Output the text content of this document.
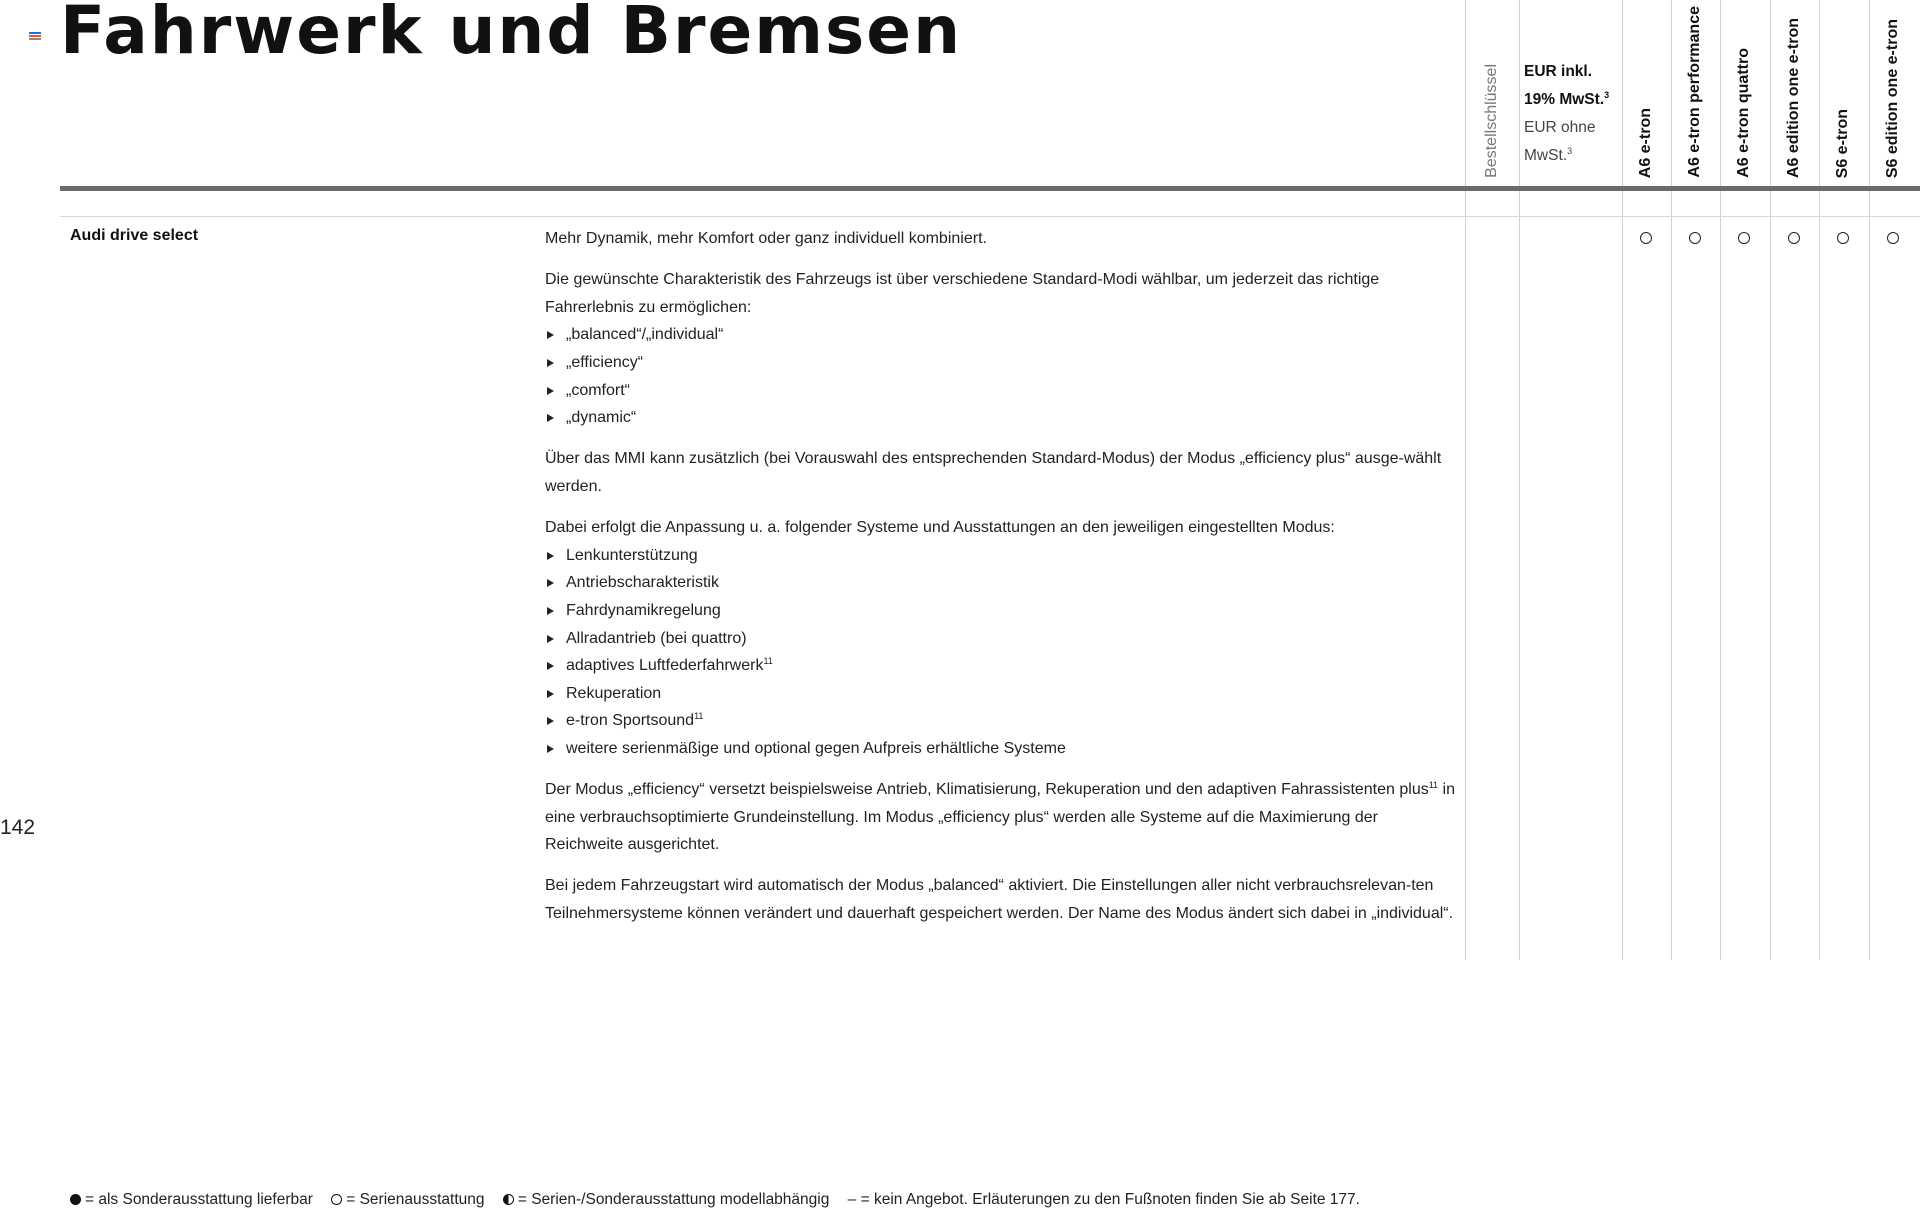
Fahrwerk und Bremsen
Bestellschlüssel EUR inkl.
19% MwSt.$^3$
EUR ohne
MwSt.$^3$	A6 e-tron A6 e-tron performance A6 e-tron quattro A6 edition one e-tron S6 e-tron S6 edition one e-tron
Audi drive select	Mehr Dynamik, mehr Komfort oder ganz individuell kombiniert.

Die gewünschte Charakteristik des Fahrzeugs ist über verschiedene Standard-Modi wählbar, um jederzeit das richtige Fahrerlebnis zu ermöglichen:

„balanced“/„individual“
„efficiency“
„comfort“
„dynamic“

Über das MMI kann zusätzlich (bei Vorauswahl des entsprechenden Standard-Modus) der Modus „efficiency plus“ ausge-wählt werden.

Dabei erfolgt die Anpassung u. a. folgender Systeme und Ausstattungen an den jeweiligen eingestellten Modus:

Lenkunterstützung
Antriebscharakteristik
Fahrdynamikregelung
Allradantrieb (bei quattro)
adaptives Luftfederfahrwerk$^{11}$
Rekuperation
e-tron Sportsound$^{11}$
weitere serienmäßige und optional gegen Aufpreis erhältliche Systeme

Der Modus „efficiency“ versetzt beispielsweise Antrieb, Klimatisierung, Rekuperation und den adaptiven Fahrassistenten plus$^{11}$ in eine verbrauchsoptimierte Grundeinstellung. Im Modus „efficiency plus“ werden alle Systeme auf die Maximierung der Reichweite ausgerichtet.

Bei jedem Fahrzeugstart wird automatisch der Modus „balanced“ aktiviert. Die Einstellungen aller nicht verbrauchsrelevan-ten Teilnehmersysteme können verändert und dauerhaft gespeichert werden. Der Name des Modus ändert sich dabei in „individual“.

142
= als Sonderausstattung lieferbar = Serienausstattung = Serien-/Sonderausstattung modellabhängig – = kein Angebot. Erläuterungen zu den Fußnoten finden Sie ab Seite 177.
